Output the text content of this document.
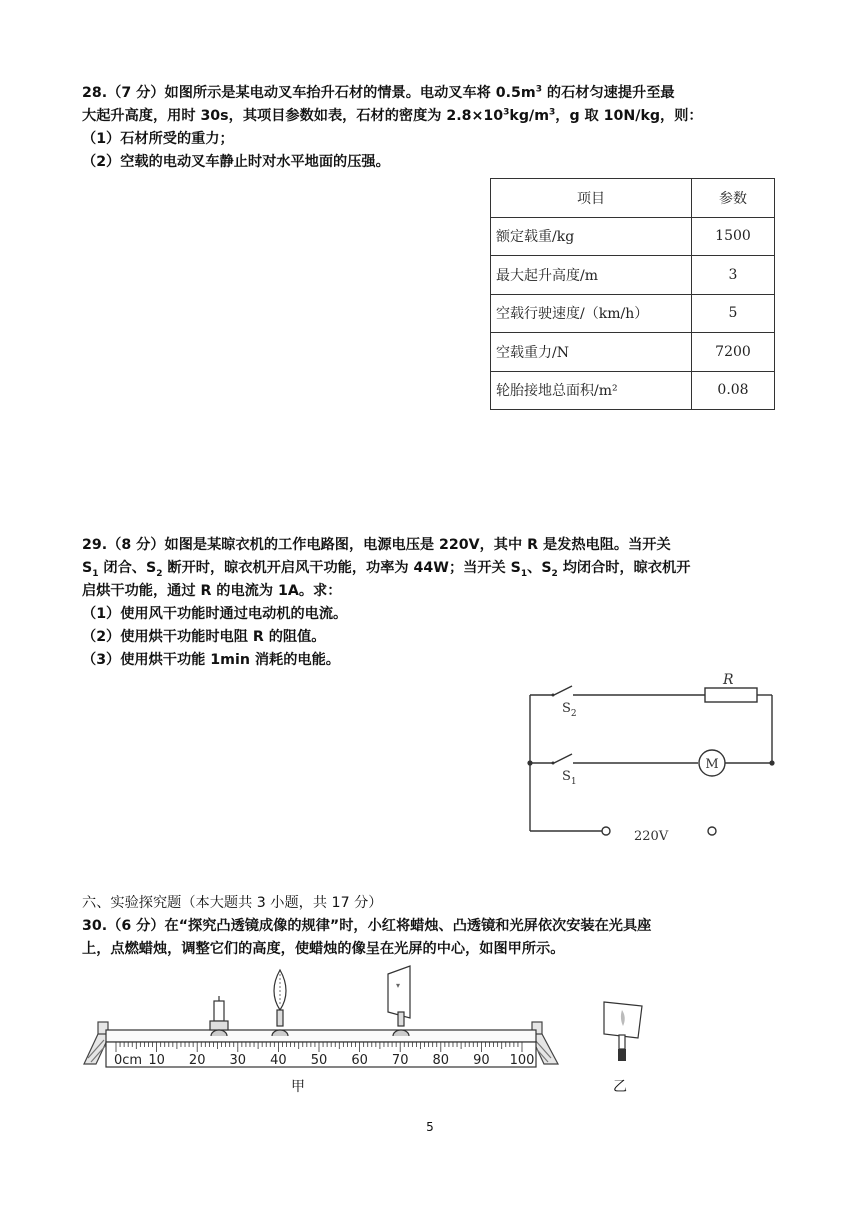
28.（7 分）如图所示是某电动叉车抬升石材的情景。电动叉车将 $0.5m^3$ 的石材匀速提升至最

大起升高度，用时 30s，其项目参数如表，石材的密度为 $2.8\times 10^3kg/m^3$，g 取 10N/kg，则：

（1）石材所受的重力；

（2）空载的电动叉车静止时对水平地面的压强。

项目	参数
额定载重/kg	1500
最大起升高度/m	3
空载行驶速度/（km/h）	5
空载重力/N	7200
轮胎接地总面积/m²	0.08

29.（8 分）如图是某晾衣机的工作电路图，电源电压是 220V，其中 R 是发热电阻。当开关

$S_1$ 闭合、$S_2$ 断开时，晾衣机开启风干功能，功率为 44W；当开关 $S_1$、$S_2$ 均闭合时，晾衣机开

启烘干功能，通过 R 的电流为 1A。求：

（1）使用风干功能时通过电动机的电流。

（2）使用烘干功能时电阻 R 的阻值。

（3）使用烘干功能 1min 消耗的电能。

R
$S_2$
$S_1$
M
220V

六、实验探究题（本大题共 3 小题，共 17 分）

30.（6 分）在“探究凸透镜成像的规律”时，小红将蜡烛、凸透镜和光屏依次安装在光具座

上，点燃蜡烛，调整它们的高度，使蜡烛的像呈在光屏的中心，如图甲所示。

0cm 10 20 30 40 50 60 70 80 90 100
▾
甲	乙
5
